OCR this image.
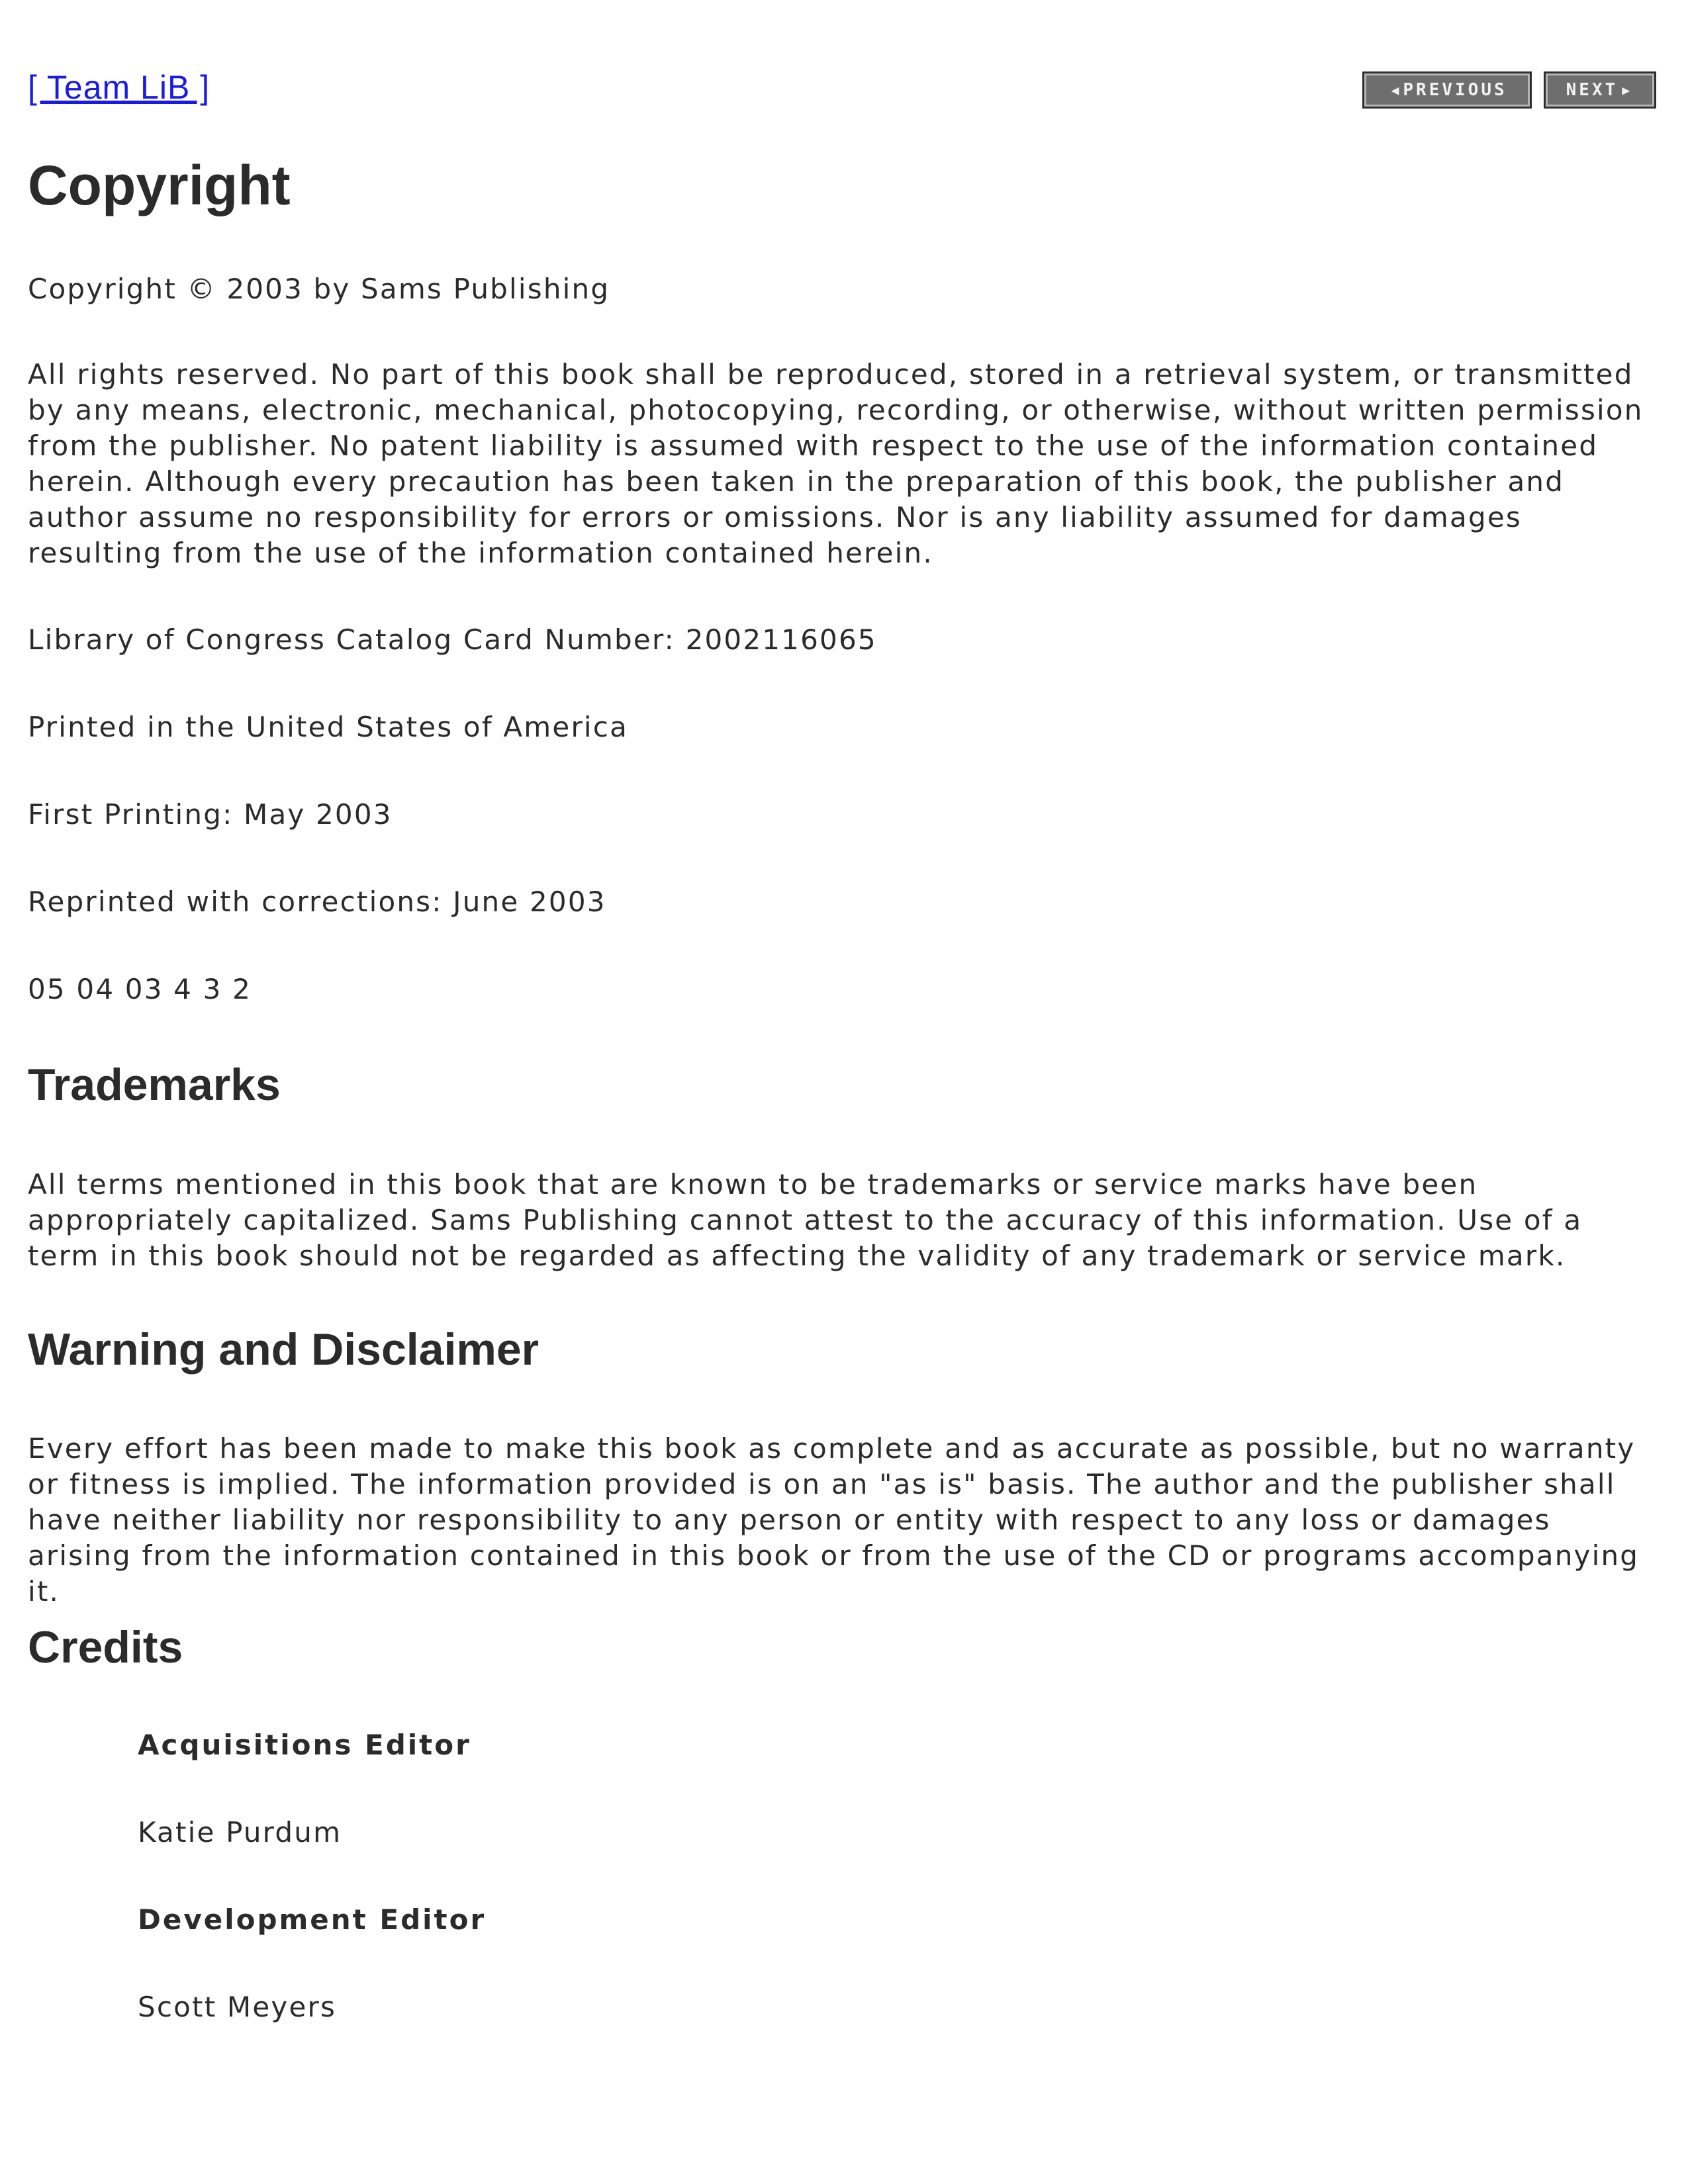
[ Team LiB ]	◀ PREVIOUS	NEXT ▶
Copyright

Copyright © 2003 by Sams Publishing

All rights reserved. No part of this book shall be reproduced, stored in a retrieval system, or transmitted by any means, electronic, mechanical, photocopying, recording, or otherwise, without written permission from the publisher. No patent liability is assumed with respect to the use of the information contained herein. Although every precaution has been taken in the preparation of this book, the publisher and author assume no responsibility for errors or omissions. Nor is any liability assumed for damages resulting from the use of the information contained herein.

Library of Congress Catalog Card Number: 2002116065

Printed in the United States of America

First Printing: May 2003

Reprinted with corrections: June 2003

05 04 03 4 3 2

Trademarks

All terms mentioned in this book that are known to be trademarks or service marks have been appropriately capitalized. Sams Publishing cannot attest to the accuracy of this information. Use of a term in this book should not be regarded as affecting the validity of any trademark or service mark.

Warning and Disclaimer

Every effort has been made to make this book as complete and as accurate as possible, but no warranty or fitness is implied. The information provided is on an "as is" basis. The author and the publisher shall have neither liability nor responsibility to any person or entity with respect to any loss or damages arising from the information contained in this book or from the use of the CD or programs accompanying it.

Credits
Acquisitions Editor
Katie Purdum
Development Editor
Scott Meyers
